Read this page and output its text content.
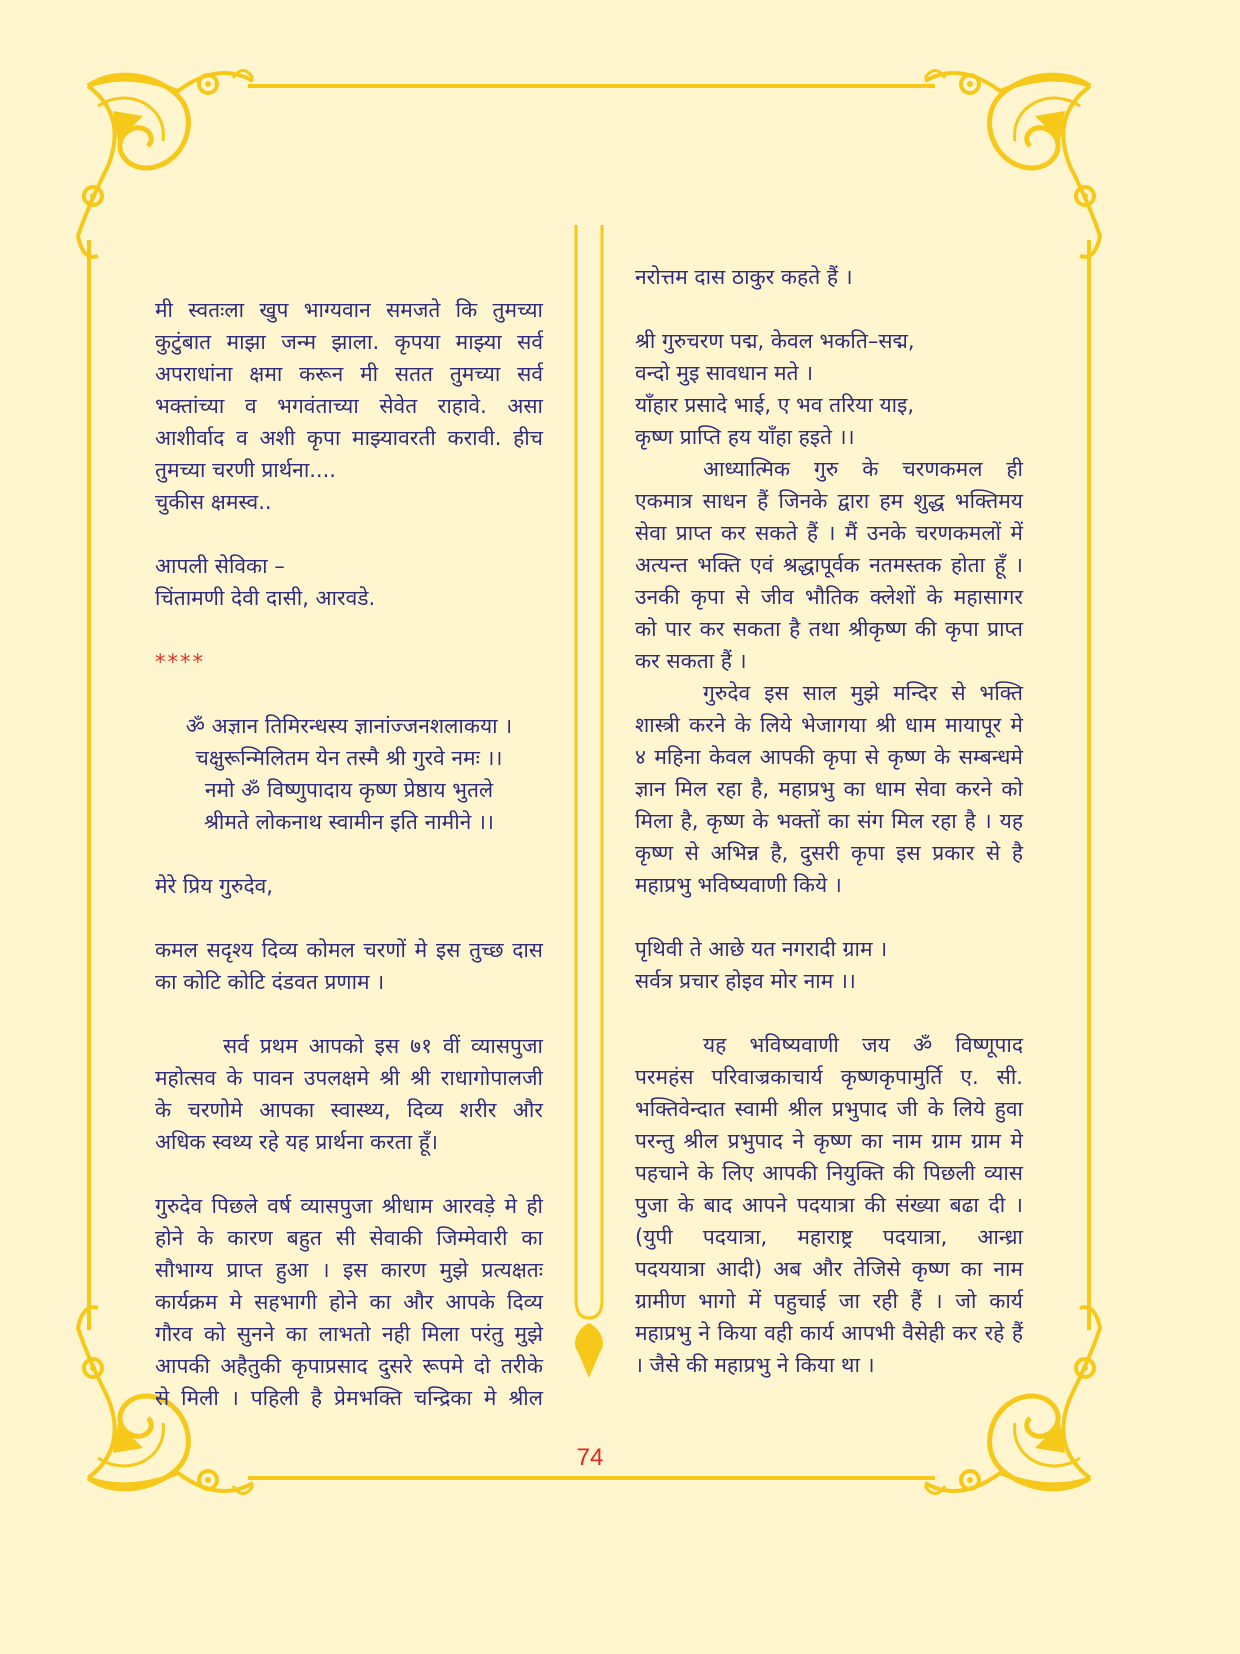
मी स्वतःला खुप भाग्यवान समजते कि तुमच्या
कुटुंबात माझा जन्म झाला. कृपया माझ्या सर्व
अपराधांना क्षमा करून मी सतत तुमच्या सर्व
भक्तांच्या व भगवंताच्या सेवेत राहावे. असा
आशीर्वाद व अशी कृपा माझ्यावरती करावी. हीच
तुमच्या चरणी प्रार्थना....
चुकीस क्षमस्व..
आपली सेविका –
चिंतामणी देवी दासी, आरवडे.
****
ॐ अज्ञान तिमिरन्धस्य ज्ञानांज्जनशलाकया ।
चक्षुरून्मिलितम येन तस्मै श्री गुरवे नमः ।।
नमो ॐ विष्णुपादाय कृष्ण प्रेष्ठाय भुतले
श्रीमते लोकनाथ स्वामीन इति नामीने ।।
मेरे प्रिय गुरुदेव,
कमल सदृश्य दिव्य कोमल चरणों मे इस तुच्छ दास
का कोटि कोटि दंडवत प्रणाम ।
सर्व प्रथम आपको इस ७१ वीं व्यासपुजा
महोत्सव के पावन उपलक्षमे श्री श्री राधागोपालजी
के चरणोमे आपका स्वास्थ्य, दिव्य शरीर और
अधिक स्वथ्य रहे यह प्रार्थना करता हूँ।
गुरुदेव पिछले वर्ष व्यासपुजा श्रीधाम आरवड़े मे ही
होने के कारण बहुत सी सेवाकी जिम्मेवारी का
सौभाग्य प्राप्त हुआ । इस कारण मुझे प्रत्यक्षतः
कार्यक्रम मे सहभागी होने का और आपके दिव्य
गौरव को सुनने का लाभतो नही मिला परंतु मुझे
आपकी अहैतुकी कृपाप्रसाद दुसरे रूपमे दो तरीके
से मिली । पहिली है प्रेमभक्ति चन्द्रिका मे श्रील
नरोत्तम दास ठाकुर कहते हैं ।
श्री गुरुचरण पद्म, केवल भकति–सद्म,
वन्दो मुइ सावधान मते ।
याँहार प्रसादे भाई, ए भव तरिया याइ,
कृष्ण प्राप्ति हय याँहा हइते ।।
आध्यात्मिक गुरु के चरणकमल ही
एकमात्र साधन हैं जिनके द्वारा हम शुद्ध भक्तिमय
सेवा प्राप्त कर सकते हैं । मैं उनके चरणकमलों में
अत्यन्त भक्ति एवं श्रद्धापूर्वक नतमस्तक होता हूँ ।
उनकी कृपा से जीव भौतिक क्लेशों के महासागर
को पार कर सकता है तथा श्रीकृष्ण की कृपा प्राप्त
कर सकता हैं ।
गुरुदेव इस साल मुझे मन्दिर से भक्ति
शास्त्री करने के लिये भेजागया श्री धाम मायापूर मे
४ महिना केवल आपकी कृपा से कृष्ण के सम्बन्धमे
ज्ञान मिल रहा है, महाप्रभु का धाम सेवा करने को
मिला है, कृष्ण के भक्तों का संग मिल रहा है । यह
कृष्ण से अभिन्न है, दुसरी कृपा इस प्रकार से है
महाप्रभु भविष्यवाणी किये ।
पृथिवी ते आछे यत नगरादी ग्राम ।
सर्वत्र प्रचार होइव मोर नाम ।।
यह भविष्यवाणी जय ॐ विष्णूपाद
परमहंस परिवाज्रकाचार्य कृष्णकृपामुर्ति ए. सी.
भक्तिवेन्दात स्वामी श्रील प्रभुपाद जी के लिये हुवा
परन्तु श्रील प्रभुपाद ने कृष्ण का नाम ग्राम ग्राम मे
पहचाने के लिए आपकी नियुक्ति की पिछली व्यास
पुजा के बाद आपने पदयात्रा की संख्या बढा दी ।
(युपी पदयात्रा, महाराष्ट्र पदयात्रा, आन्ध्रा
पदययात्रा आदी) अब और तेजिसे कृष्ण का नाम
ग्रामीण भागो में पहुचाई जा रही हैं । जो कार्य
महाप्रभु ने किया वही कार्य आपभी वैसेही कर रहे हैं
। जैसे की महाप्रभु ने किया था ।
74
